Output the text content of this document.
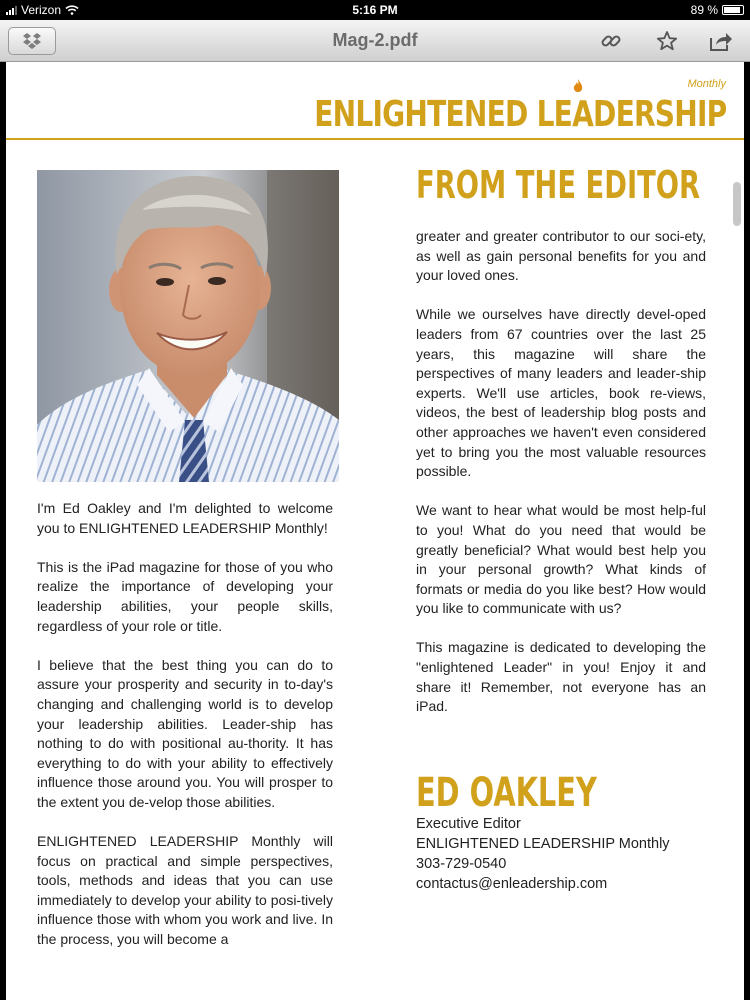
Verizon	5:16 PM	89 %
Mag-2.pdf
Monthly
ENLIGHTENED LEADERSHIP

I'm Ed Oakley and I'm delighted to welcome you to ENLIGHTENED LEADERSHIP Monthly!

This is the iPad magazine for those of you who realize the importance of developing your leadership abilities, your people skills, regardless of your role or title.

I believe that the best thing you can do to assure your prosperity and security in to-day's changing and challenging world is to develop your leadership abilities. Leader-ship has nothing to do with positional au-thority. It has everything to do with your ability to effectively influence those around you. You will prosper to the extent you de-velop those abilities.

ENLIGHTENED LEADERSHIP Monthly will focus on practical and simple perspectives, tools, methods and ideas that you can use immediately to develop your ability to posi-tively influence those with whom you work and live. In the process, you will become a

FROM THE EDITOR

greater and greater contributor to our soci-ety, as well as gain personal benefits for you and your loved ones.

While we ourselves have directly devel-oped leaders from 67 countries over the last 25 years, this magazine will share the perspectives of many leaders and leader-ship experts. We'll use articles, book re-views, videos, the best of leadership blog posts and other approaches we haven't even considered yet to bring you the most valuable resources possible.

We want to hear what would be most help-ful to you! What do you need that would be greatly beneficial? What would best help you in your personal growth? What kinds of formats or media do you like best? How would you like to communicate with us?

This magazine is dedicated to developing the "enlightened Leader" in you! Enjoy it and share it! Remember, not everyone has an iPad.

ED OAKLEY
Executive Editor
ENLIGHTENED LEADERSHIP Monthly
303-729-0540
contactus@enleadership.com
